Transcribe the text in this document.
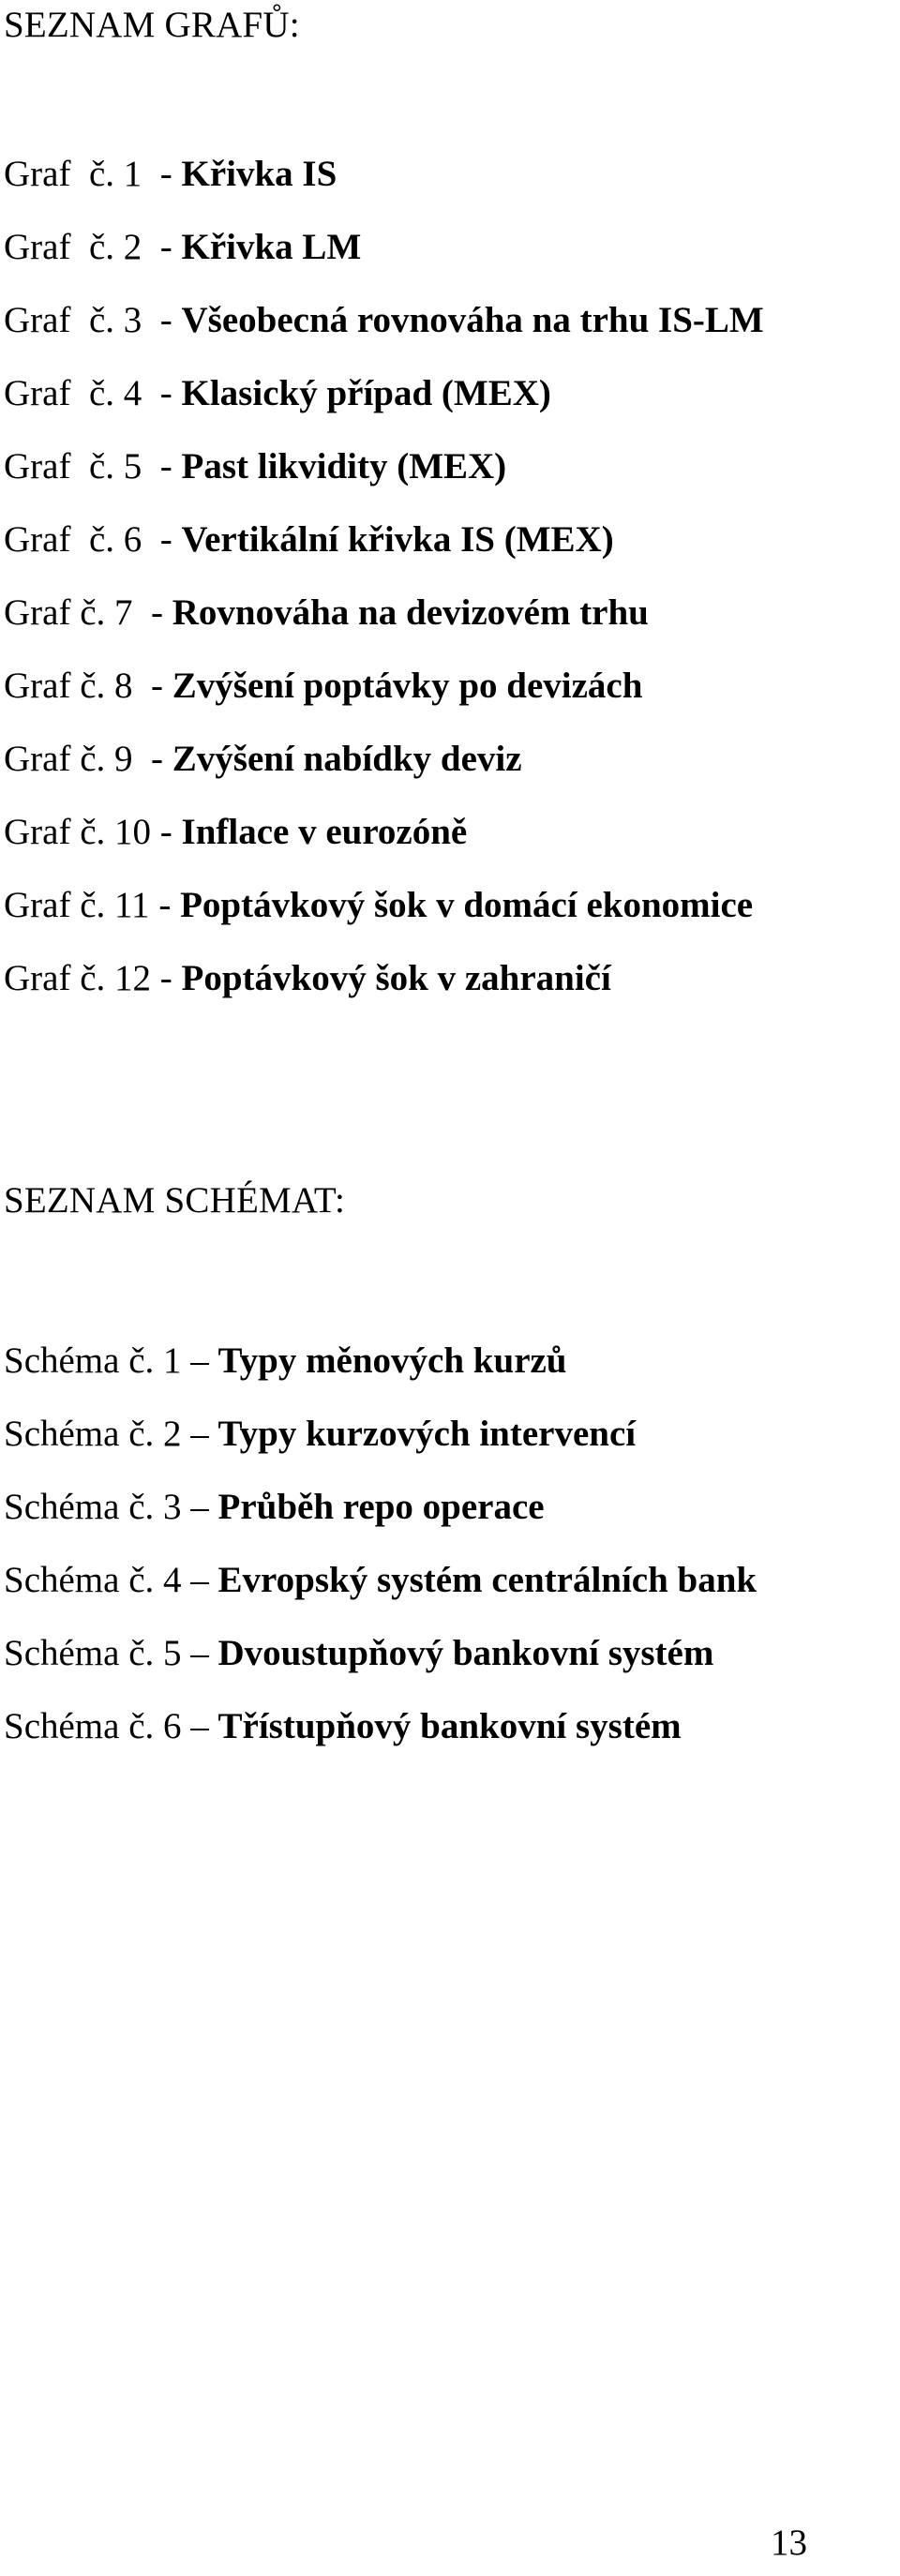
SEZNAM GRAFŮ:
Graf  č. 1  - Křivka IS
Graf  č. 2  - Křivka LM
Graf  č. 3  - Všeobecná rovnováha na trhu IS-LM
Graf  č. 4  - Klasický případ (MEX)
Graf  č. 5  - Past likvidity (MEX)
Graf  č. 6  - Vertikální křivka IS (MEX)
Graf č. 7  - Rovnováha na devizovém trhu
Graf č. 8  - Zvýšení poptávky po devizách
Graf č. 9  - Zvýšení nabídky deviz
Graf č. 10 - Inflace v eurozóně
Graf č. 11 - Poptávkový šok v domácí ekonomice
Graf č. 12 - Poptávkový šok v zahraničí
SEZNAM SCHÉMAT:
Schéma č. 1 – Typy měnových kurzů
Schéma č. 2 – Typy kurzových intervencí
Schéma č. 3 – Průběh repo operace
Schéma č. 4 – Evropský systém centrálních bank
Schéma č. 5 – Dvoustupňový bankovní systém
Schéma č. 6 – Třístupňový bankovní systém
13
